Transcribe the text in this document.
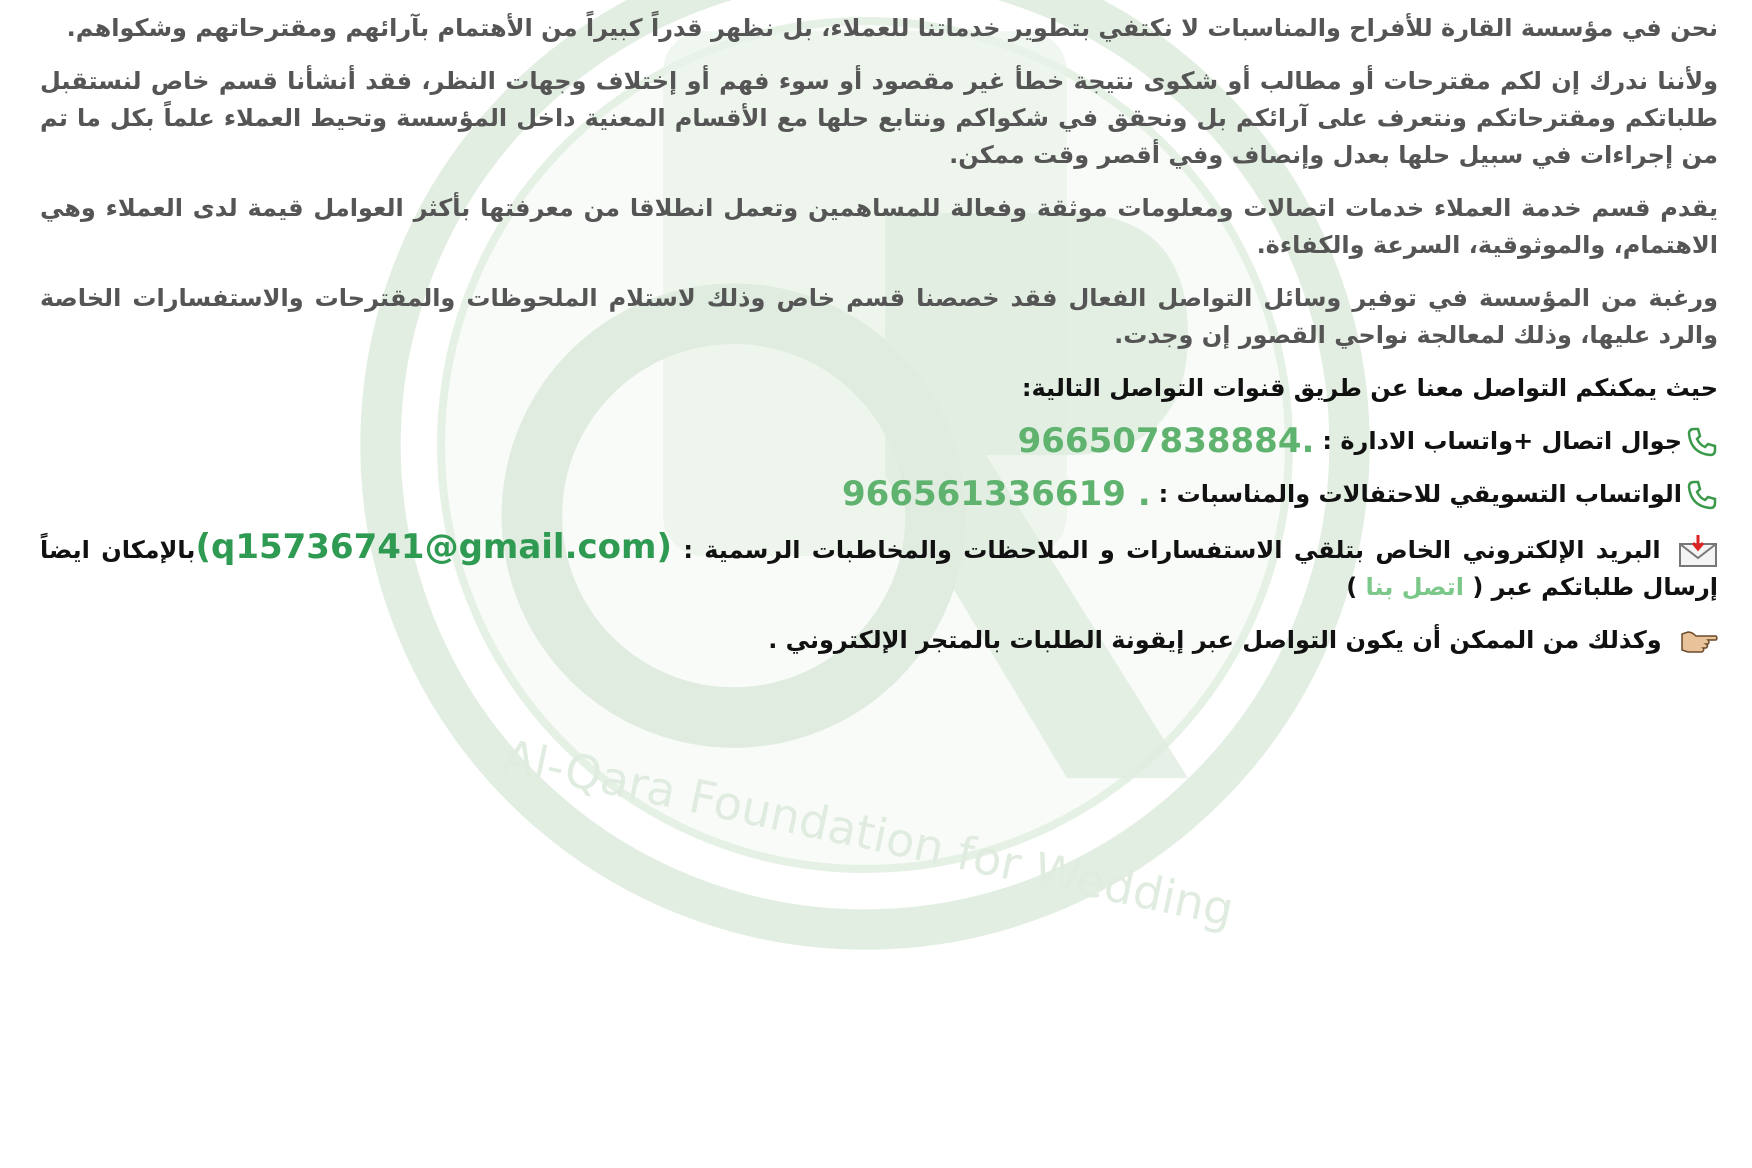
Al-Qara Foundation for Wedding

نحن في مؤسسة القارة للأفراح والمناسبات لا نكتفي بتطوير خدماتنا للعملاء، بل نظهر قدراً كبيراً من الأهتمام بآرائهم ومقترحاتهم وشكواهم.

ولأننا ندرك إن لكم مقترحات أو مطالب أو شكوى نتيجة خطأ غير مقصود أو سوء فهم أو إختلاف وجهات النظر، فقد أنشأنا قسم خاص لنستقبل طلباتكم ومقترحاتكم ونتعرف على آرائكم بل ونحقق في شكواكم ونتابع حلها مع الأقسام المعنية داخل المؤسسة وتحيط العملاء علماً بكل ما تم من إجراءات في سبيل حلها بعدل وإنصاف وفي أقصر وقت ممكن.

يقدم قسم خدمة العملاء خدمات اتصالات ومعلومات موثقة وفعالة للمساهمين وتعمل انطلاقا من معرفتها بأكثر العوامل قيمة لدى العملاء وهي الاهتمام، والموثوقية، السرعة والكفاءة.

ورغبة من المؤسسة في توفير وسائل التواصل الفعال فقد خصصنا قسم خاص وذلك لاستلام الملحوظات والمقترحات والاستفسارات الخاصة والرد عليها، وذلك لمعالجة نواحي القصور إن وجدت.

حيث يمكنكم التواصل معنا عن طريق قنوات التواصل التالية:

جوال اتصال +واتساب الادارة :
966507838884.
الواتساب التسويقي للاحتفالات والمناسبات :
966561336619 .

البريد الإلكتروني الخاص بتلقي الاستفسارات و الملاحظات والمخاطبات الرسمية : (q15736741@gmail.com)بالإمكان ايضاً إرسال طلباتكم عبر ( اتصل بنا )

وكذلك من الممكن أن يكون التواصل عبر إيقونة الطلبات بالمتجر الإلكتروني .
